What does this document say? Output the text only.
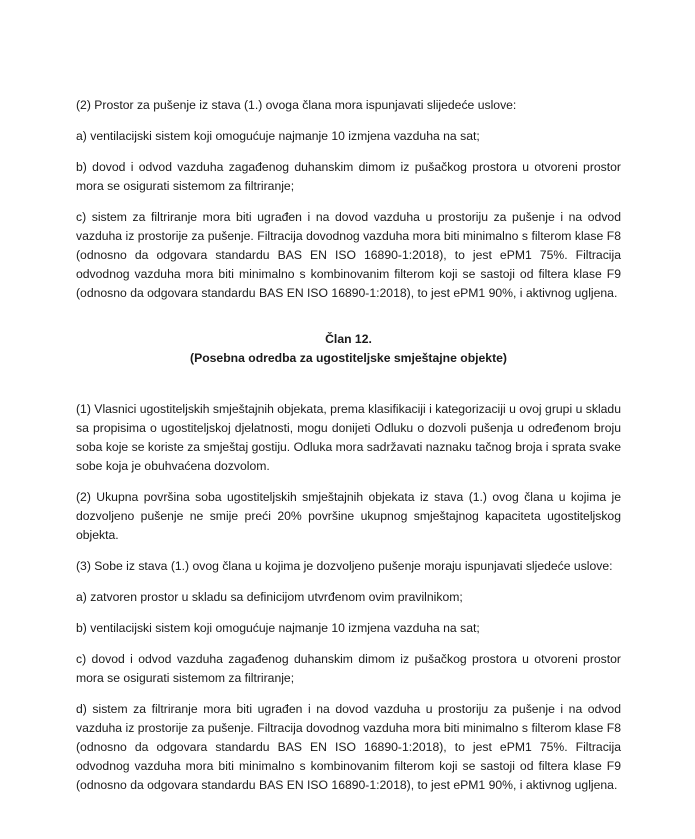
(2) Prostor za pušenje iz stava (1.) ovoga člana mora ispunjavati slijedeće uslove:

a) ventilacijski sistem koji omogućuje najmanje 10 izmjena vazduha na sat;

b) dovod i odvod vazduha zagađenog duhanskim dimom iz pušačkog prostora u otvoreni prostor mora se osigurati sistemom za filtriranje;

c) sistem za filtriranje mora biti ugrađen i na dovod vazduha u prostoriju za pušenje i na odvod vazduha iz prostorije za pušenje. Filtracija dovodnog vazduha mora biti minimalno s filterom klase F8 (odnosno da odgovara standardu BAS EN ISO 16890-1:2018), to jest ePM1 75%. Filtracija odvodnog vazduha mora biti minimalno s kombinovanim filterom koji se sastoji od filtera klase F9 (odnosno da odgovara standardu BAS EN ISO 16890-1:2018), to jest ePM1 90%, i aktivnog ugljena.

Član 12.
(Posebna odredba za ugostiteljske smještajne objekte)

(1) Vlasnici ugostiteljskih smještajnih objekata, prema klasifikaciji i kategorizaciji u ovoj grupi u skladu sa propisima o ugostiteljskoj djelatnosti, mogu donijeti Odluku o dozvoli pušenja u određenom broju soba koje se koriste za smještaj gostiju. Odluka mora sadržavati naznaku tačnog broja i sprata svake sobe koja je obuhvaćena dozvolom.

(2) Ukupna površina soba ugostiteljskih smještajnih objekata iz stava (1.) ovog člana u kojima je dozvoljeno pušenje ne smije preći 20% površine ukupnog smještajnog kapaciteta ugostiteljskog objekta.

(3) Sobe iz stava (1.) ovog člana u kojima je dozvoljeno pušenje moraju ispunjavati sljedeće uslove:

a) zatvoren prostor u skladu sa definicijom utvrđenom ovim pravilnikom;

b) ventilacijski sistem koji omogućuje najmanje 10 izmjena vazduha na sat;

c) dovod i odvod vazduha zagađenog duhanskim dimom iz pušačkog prostora u otvoreni prostor mora se osigurati sistemom za filtriranje;

d) sistem za filtriranje mora biti ugrađen i na dovod vazduha u prostoriju za pušenje i na odvod vazduha iz prostorije za pušenje. Filtracija dovodnog vazduha mora biti minimalno s filterom klase F8 (odnosno da odgovara standardu BAS EN ISO 16890-1:2018), to jest ePM1 75%. Filtracija odvodnog vazduha mora biti minimalno s kombinovanim filterom koji se sastoji od filtera klase F9 (odnosno da odgovara standardu BAS EN ISO 16890-1:2018), to jest ePM1 90%, i aktivnog ugljena.
